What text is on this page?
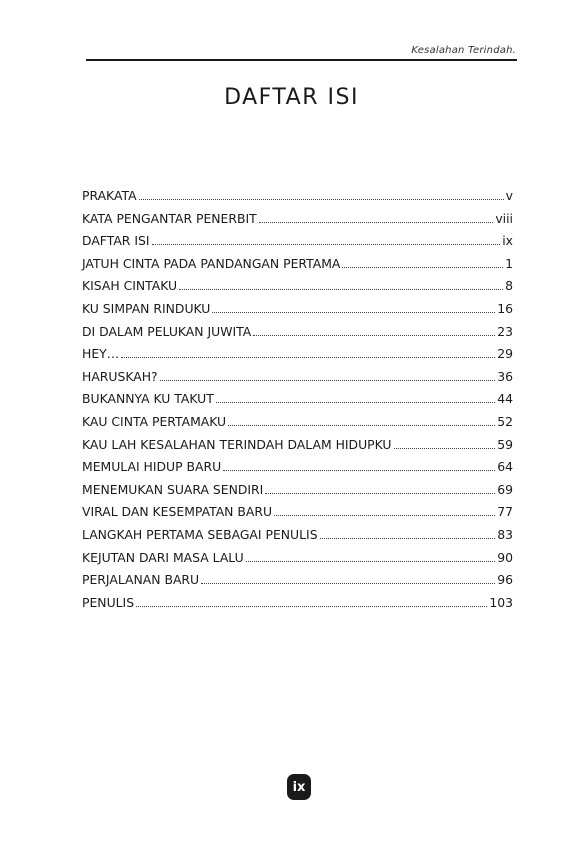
Kesalahan Terindah.
DAFTAR ISI
PRAKATA	v
KATA PENGANTAR PENERBIT	viii
DAFTAR ISI	ix
JATUH CINTA PADA PANDANGAN PERTAMA	1
KISAH CINTAKU	8
KU SIMPAN RINDUKU	16
DI DALAM PELUKAN JUWITA	23
HEY…	29
HARUSKAH?	36
BUKANNYA KU TAKUT	44
KAU CINTA PERTAMAKU	52
KAU LAH KESALAHAN TERINDAH DALAM HIDUPKU	59
MEMULAI HIDUP BARU	64
MENEMUKAN SUARA SENDIRI	69
VIRAL DAN KESEMPATAN BARU	77
LANGKAH PERTAMA SEBAGAI PENULIS	83
KEJUTAN DARI MASA LALU	90
PERJALANAN BARU	96
PENULIS	103
ix
